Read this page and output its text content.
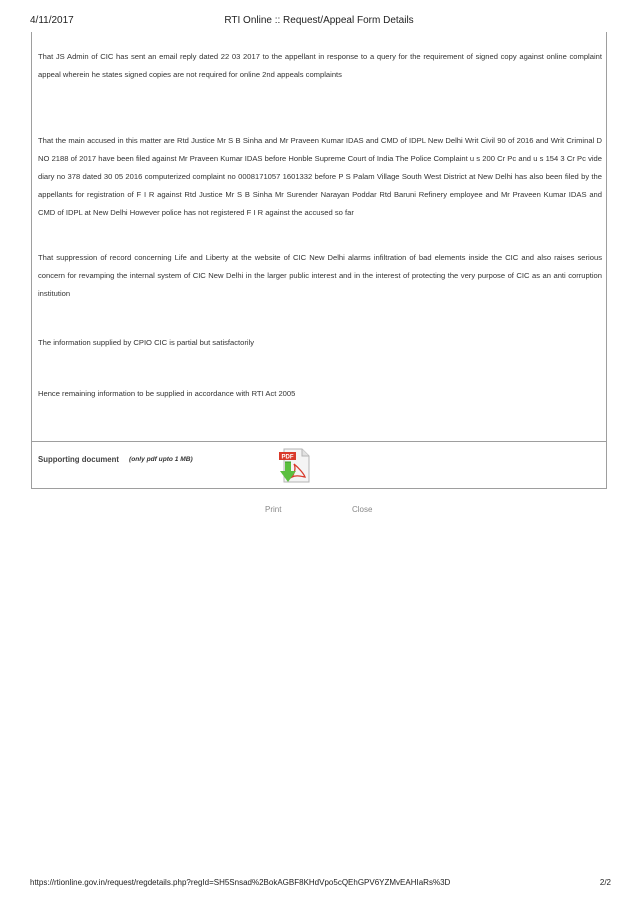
4/11/2017	RTI Online :: Request/Appeal Form Details
That JS Admin of CIC has sent an email reply dated 22 03 2017 to the appellant in response to a query for the requirement of signed copy against online complaint appeal wherein he states signed copies are not required for online 2nd appeals complaints
That the main accused in this matter are Rtd Justice Mr S B Sinha and Mr Praveen Kumar IDAS and CMD of IDPL New Delhi Writ Civil 90 of 2016 and Writ Criminal D NO 2188 of 2017 have been filed against Mr Praveen Kumar IDAS before Honble Supreme Court of India The Police Complaint u s 200 Cr Pc and u s 154 3 Cr Pc vide diary no 378 dated 30 05 2016 computerized complaint no 0008171057 1601332 before P S Palam Village South West District at New Delhi has also been filed by the appellants for registration of F I R against Rtd Justice Mr S B Sinha Mr Surender Narayan Poddar Rtd Baruni Refinery employee and Mr Praveen Kumar IDAS and CMD of IDPL at New Delhi However police has not registered F I R against the accused so far
That suppression of record concerning Life and Liberty at the website of CIC New Delhi alarms infiltration of bad elements inside the CIC and also raises serious concern for revamping the internal system of CIC New Delhi in the larger public interest and in the interest of protecting the very purpose of CIC as an anti corruption institution
The information supplied by CPIO CIC is partial but satisfactorily
Hence remaining information to be supplied in accordance with RTI Act 2005
Supporting document (only pdf upto 1 MB)	PDF
Print	Close
https://rtionline.gov.in/request/regdetails.php?regId=SH5Snsad%2BokAGBF8KHdVpo5cQEhGPV6YZMvEAHIaRs%3D	2/2
